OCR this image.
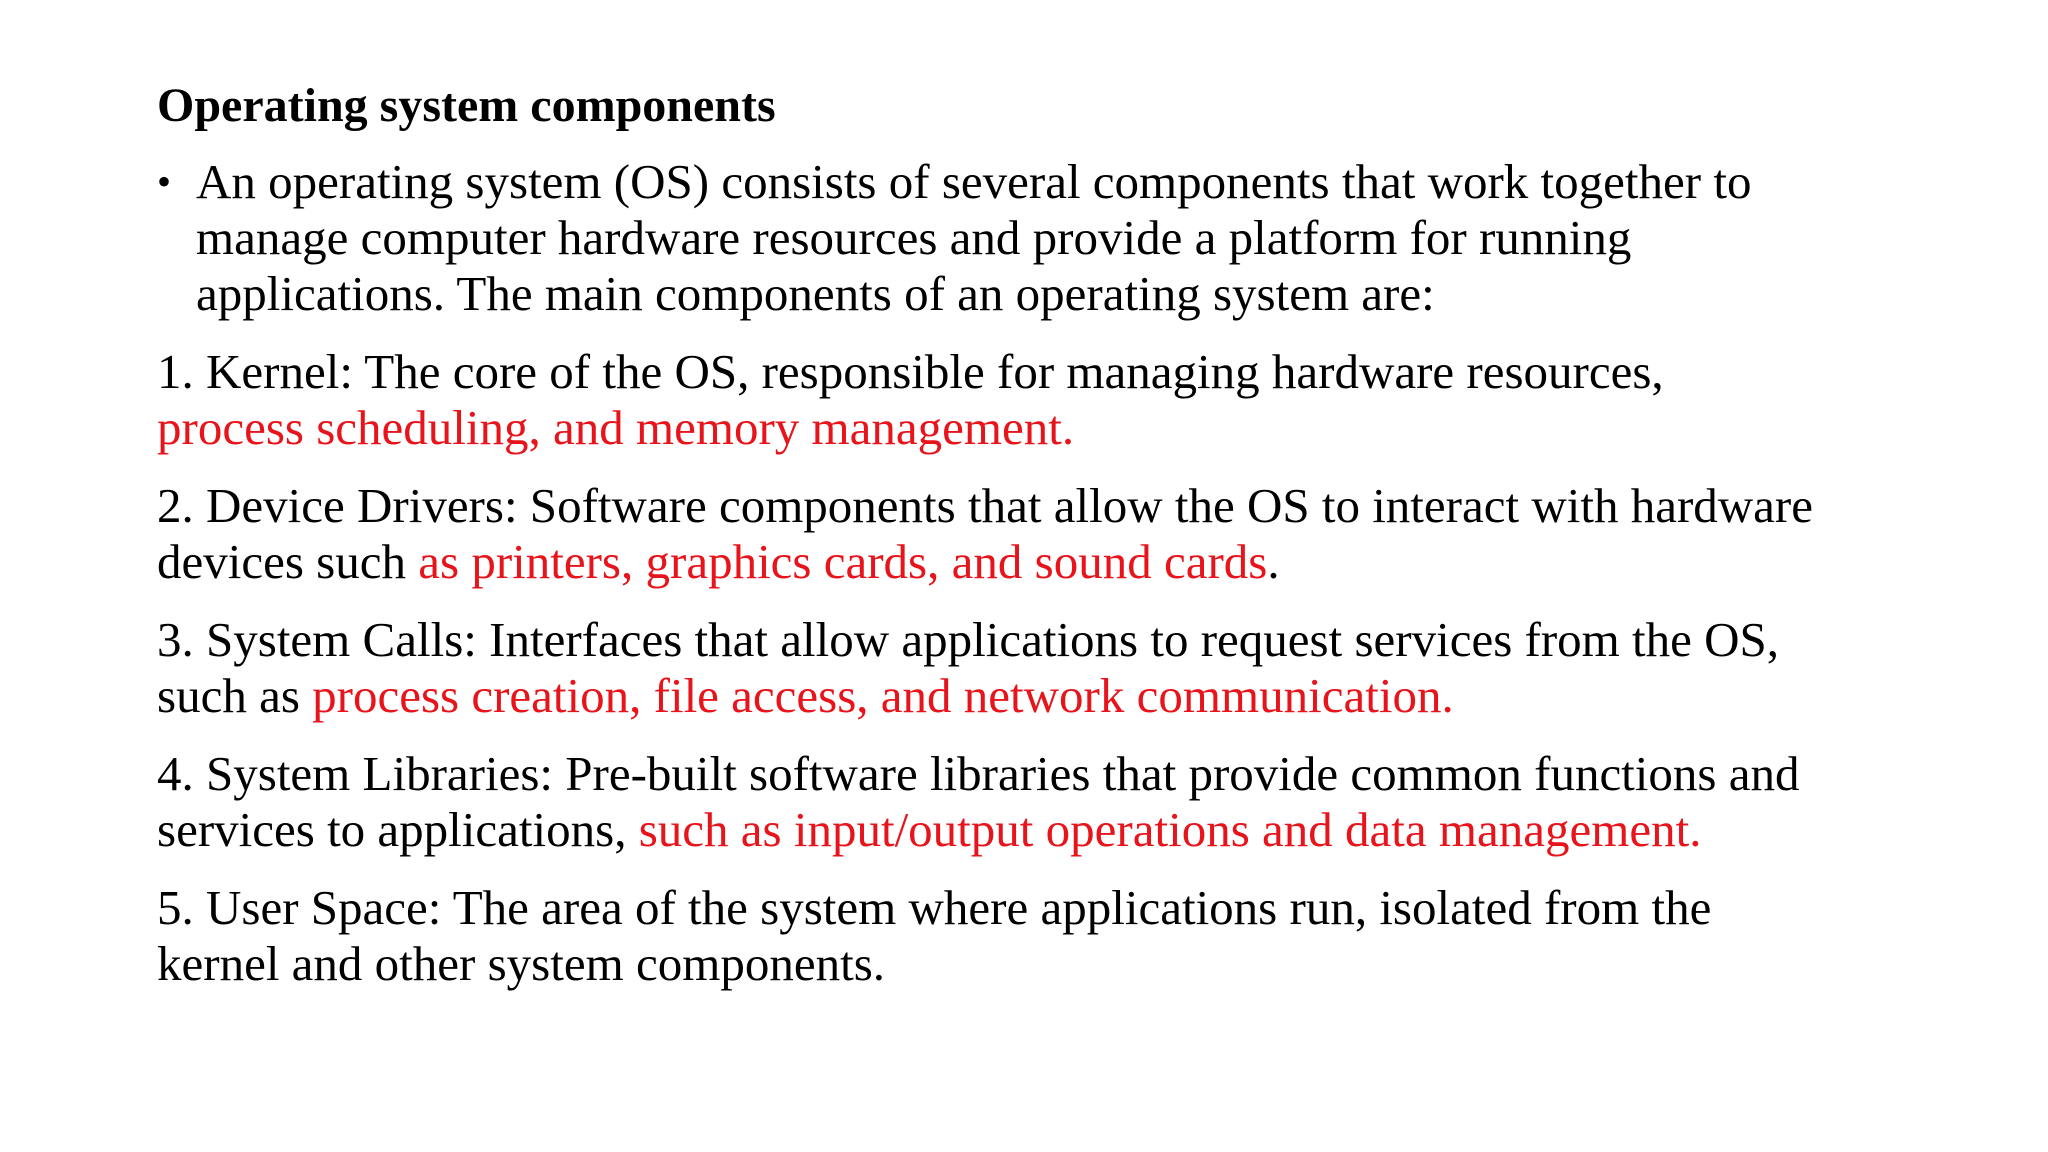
Operating system components
• An operating system (OS) consists of several components that work together to
manage computer hardware resources and provide a platform for running
applications. The main components of an operating system are:
1. Kernel: The core of the OS, responsible for managing hardware resources,
process scheduling, and memory management.
2. Device Drivers: Software components that allow the OS to interact with hardware
devices such as printers, graphics cards, and sound cards.
3. System Calls: Interfaces that allow applications to request services from the OS,
such as process creation, file access, and network communication.
4. System Libraries: Pre-built software libraries that provide common functions and
services to applications, such as input/output operations and data management.
5. User Space: The area of the system where applications run, isolated from the
kernel and other system components.
